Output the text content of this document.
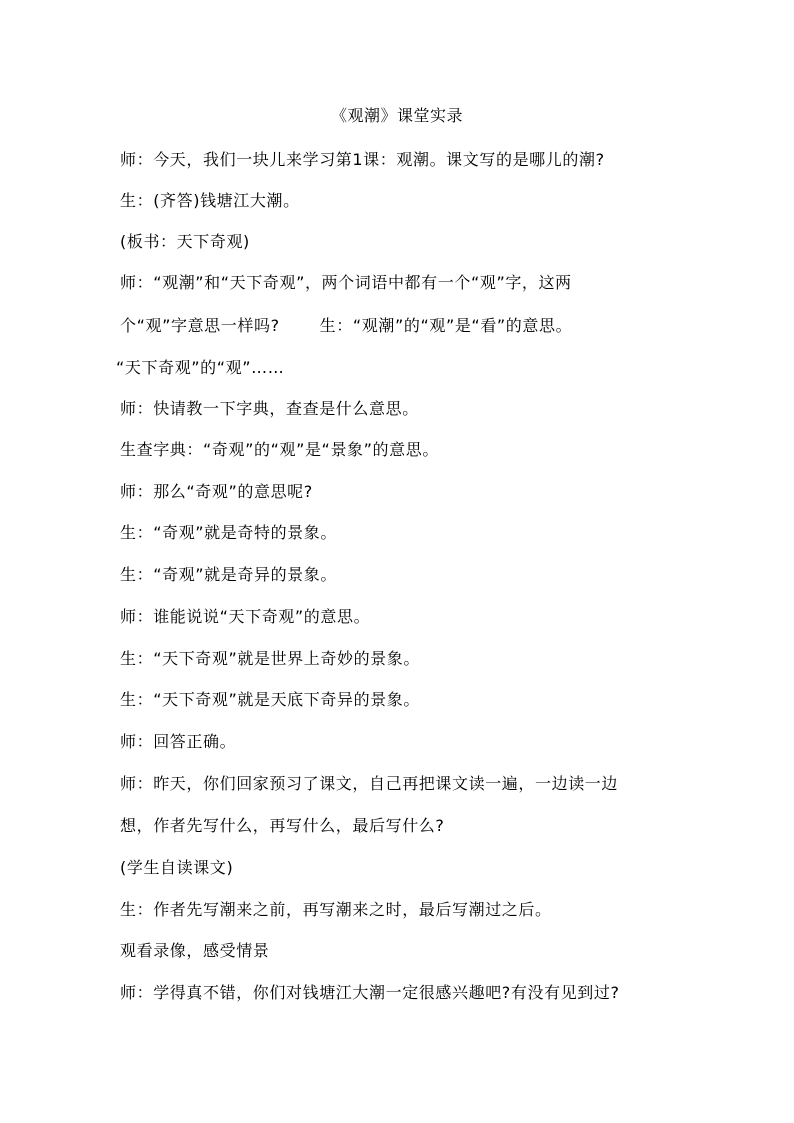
《观潮》课堂实录
师：今天，我们一块儿来学习第1课：观潮。课文写的是哪儿的潮?
生：(齐答)钱塘江大潮。
(板书：天下奇观)
师：“观潮”和“天下奇观”，两个词语中都有一个“观”字，这两
个“观”字意思一样吗?	生：“观潮”的“观”是“看”的意思。
“天下奇观”的“观”……
师：快请教一下字典，查查是什么意思。
生查字典：“奇观”的“观”是“景象”的意思。
师：那么“奇观”的意思呢?
生：“奇观”就是奇特的景象。
生：“奇观”就是奇异的景象。
师：谁能说说“天下奇观”的意思。
生：“天下奇观”就是世界上奇妙的景象。
生：“天下奇观”就是天底下奇异的景象。
师：回答正确。
师：昨天，你们回家预习了课文，自己再把课文读一遍，一边读一边
想，作者先写什么，再写什么，最后写什么?
(学生自读课文)
生：作者先写潮来之前，再写潮来之时，最后写潮过之后。
观看录像，感受情景
师：学得真不错，你们对钱塘江大潮一定很感兴趣吧?有没有见到过?
